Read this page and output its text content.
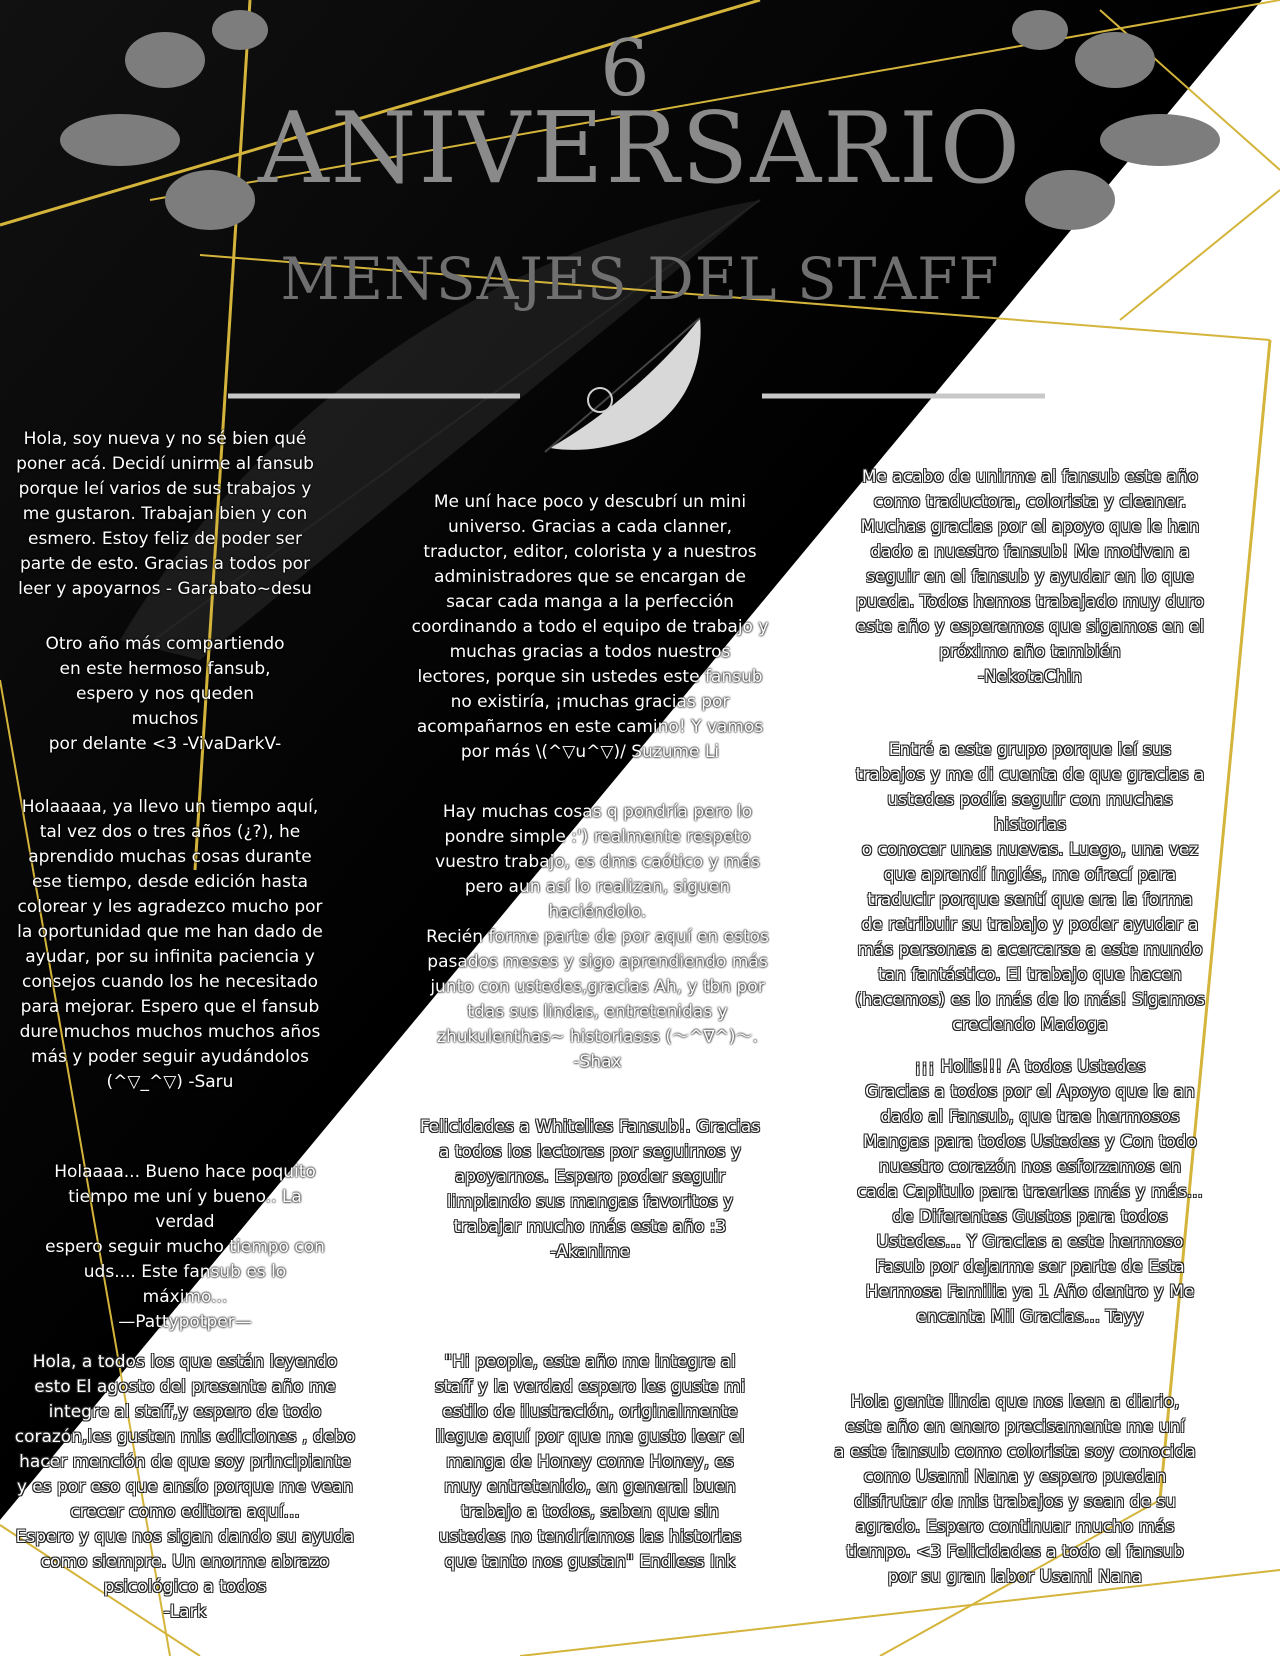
6
ANIVERSARIO
MENSAJES DEL STAFF
Hola, soy nueva y no sé bien qué
poner acá. Decidí unirme al fansub
porque leí varios de sus trabajos y
me gustaron. Trabajan bien y con
esmero. Estoy feliz de poder ser
parte de esto. Gracias a todos por
leer y apoyarnos - Garabato~desu
Otro año más compartiendo
en este hermoso fansub,
espero y nos queden muchos
por delante <3 -VivaDarkV-
Holaaaaa, ya llevo un tiempo aquí,
tal vez dos o tres años (¿?), he
aprendido muchas cosas durante
ese tiempo, desde edición hasta
colorear y les agradezco mucho por
la oportunidad que me han dado de
ayudar, por su infinita paciencia y
consejos cuando los he necesitado
para mejorar. Espero que el fansub
dure muchos muchos muchos años
más y poder seguir ayudándolos
(^▽_^▽) -Saru
Holaaaa... Bueno hace poquito
tiempo me uní y bueno.. La verdad
espero seguir mucho tiempo con
uds.... Este fansub es lo máximo...
—Pattypotper—
Hola, a todos los que están leyendo
esto El agosto del presente año me
integre al staff,y espero de todo
corazón,les gusten mis ediciones , debo
hacer mención de que soy principiante
y es por eso que ansío porque me vean
crecer como editora aquí...
Espero y que nos sigan dando su ayuda
como siempre. Un enorme abrazo
psicológico a todos
-Lark
Me uní hace poco y descubrí un mini
universo. Gracias a cada clanner,
traductor, editor, colorista y a nuestros
administradores que se encargan de
sacar cada manga a la perfección
coordinando a todo el equipo de trabajo y
muchas gracias a todos nuestros
lectores, porque sin ustedes este fansub
no existiría, ¡muchas gracias por
acompañarnos en este camino! Y vamos
por más \(^▽u^▽)/ Suzume Li
Hay muchas cosas q pondría pero lo
pondre simple :') realmente respeto
vuestro trabajo, es dms caótico y más
pero aun así lo realizan, siguen haciéndolo.
Recién forme parte de por aquí en estos
pasados meses y sigo aprendiendo más
junto con ustedes,gracias Ah, y tbn por
tdas sus lindas, entretenidas y
zhukulenthas~ historiasss (〜^∇^)〜.
-Shax
Felicidades a Whitelies Fansub!. Gracias
a todos los lectores por seguirnos y
apoyarnos. Espero poder seguir
limpiando sus mangas favoritos y
trabajar mucho más este año :3
-Akanime
"Hi people, este año me integre al
staff y la verdad espero les guste mi
estilo de ilustración, originalmente
llegue aquí por que me gusto leer el
manga de Honey come Honey, es
muy entretenido, en general buen
trabajo a todos, saben que sin
ustedes no tendríamos las historias
que tanto nos gustan" Endless Ink
Me acabo de unirme al fansub este año
como traductora, colorista y cleaner.
Muchas gracias por el apoyo que le han
dado a nuestro fansub! Me motivan a
seguir en el fansub y ayudar en lo que
pueda. Todos hemos trabajado muy duro
este año y esperemos que sigamos en el
próximo año también
-NekotaChin
Entré a este grupo porque leí sus
trabajos y me di cuenta de que gracias a
ustedes podía seguir con muchas historias
o conocer unas nuevas. Luego, una vez
que aprendí inglés, me ofrecí para
traducir porque sentí que era la forma
de retribuir su trabajo y poder ayudar a
más personas a acercarse a este mundo
tan fantástico. El trabajo que hacen
(hacemos) es lo más de lo más! Sigamos
creciendo Madoga
¡¡¡ Holis!!! A todos Ustedes
Gracias a todos por el Apoyo que le an
dado al Fansub, que trae hermosos
Mangas para todos Ustedes y Con todo
nuestro corazón nos esforzamos en
cada Capitulo para traerles más y más...
de Diferentes Gustos para todos
Ustedes... Y Gracias a este hermoso
Fasub por dejarme ser parte de Esta
Hermosa Familia ya 1 Año dentro y Me
encanta Mil Gracias... Tayy
Hola gente linda que nos leen a diario,
este año en enero precisamente me uní
a este fansub como colorista soy conocida
como Usami Nana y espero puedan
disfrutar de mis trabajos y sean de su
agrado. Espero continuar mucho más
tiempo. <3 Felicidades a todo el fansub
por su gran labor Usami Nana
